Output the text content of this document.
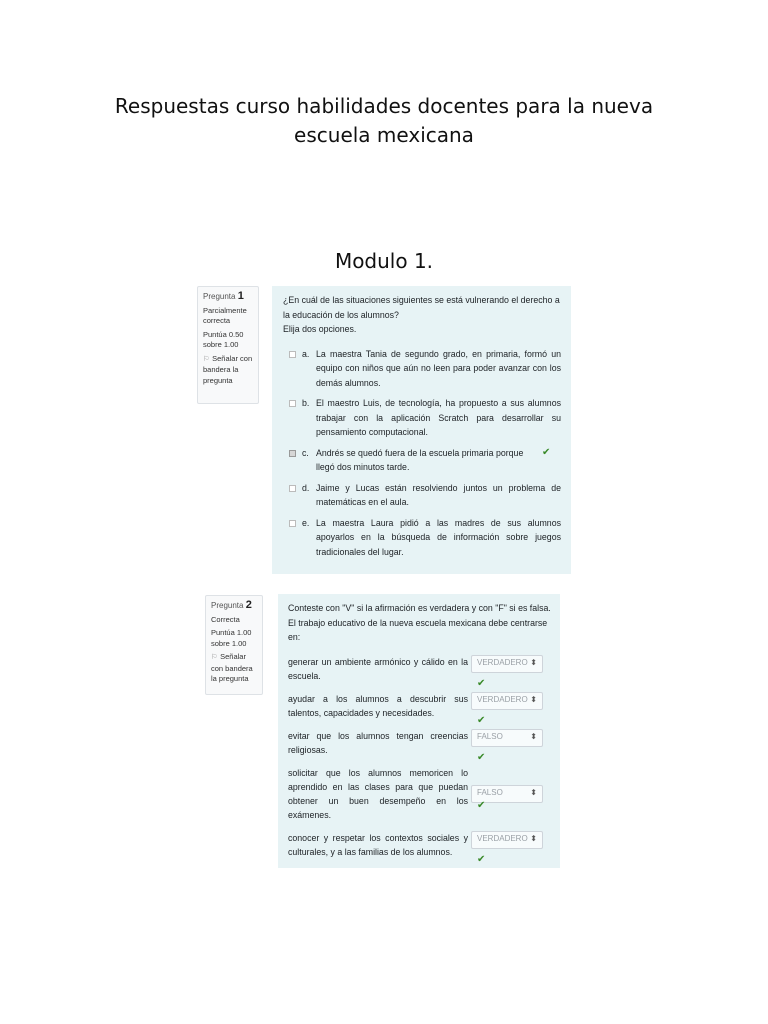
Respuestas curso habilidades docentes para la nueva
escuela mexicana
Modulo 1.
Pregunta 1
Parcialmente correcta
Puntúa 0.50 sobre 1.00
⚐ Señalar con bandera la pregunta
¿En cuál de las situaciones siguientes se está vulnerando el derecho a la educación de los alumnos?
Elija dos opciones.
a. La maestra Tania de segundo grado, en primaria, formó un equipo con niños que aún no leen para poder avanzar con los demás alumnos.
b. El maestro Luis, de tecnología, ha propuesto a sus alumnos trabajar con la aplicación Scratch para desarrollar su pensamiento computacional.
c. Andrés se quedó fuera de la escuela primaria porque llegó dos minutos tarde.
✔
d. Jaime y Lucas están resolviendo juntos un problema de matemáticas en el aula.
e. La maestra Laura pidió a las madres de sus alumnos apoyarlos en la búsqueda de información sobre juegos tradicionales del lugar.
Pregunta 2
Correcta
Puntúa 1.00 sobre 1.00
⚐ Señalar con bandera la pregunta
Conteste con "V" si la afirmación es verdadera y con "F" si es falsa.
El trabajo educativo de la nueva escuela mexicana debe centrarse en:
generar un ambiente armónico y cálido en la escuela.
VERDADERO ⬍
✔
ayudar a los alumnos a descubrir sus talentos, capacidades y necesidades.
VERDADERO ⬍
✔
evitar que los alumnos tengan creencias religiosas.
FALSO	⬍
✔
solicitar que los alumnos memoricen lo aprendido en las clases para que puedan obtener un buen desempeño en los exámenes.
FALSO	⬍
✔
conocer y respetar los contextos sociales y culturales, y a las familias de los alumnos.
VERDADERO ⬍
✔
